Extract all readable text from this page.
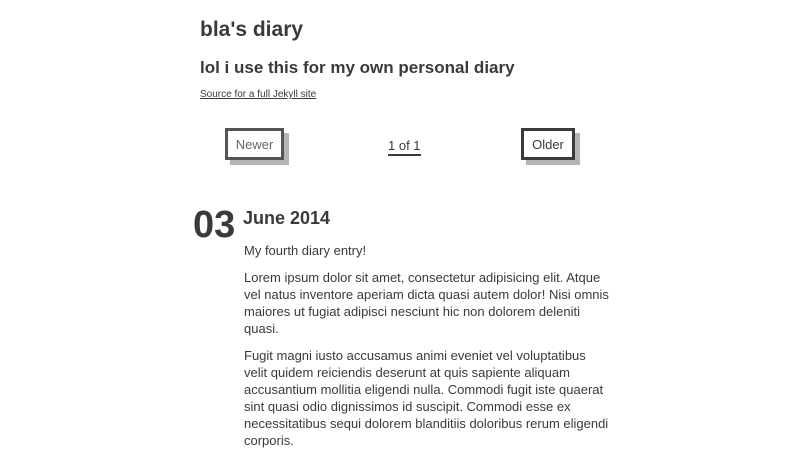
bla's diary
lol i use this for my own personal diary
Source for a full Jekyll site
Newer	1 of 1	Older
03 June 2014

My fourth diary entry!

Lorem ipsum dolor sit amet, consectetur adipisicing elit. Atque vel natus inventore aperiam dicta quasi autem dolor! Nisi omnis maiores ut fugiat adipisci nesciunt hic non dolorem deleniti quasi.

Fugit magni iusto accusamus animi eveniet vel voluptatibus velit quidem reiciendis deserunt at quis sapiente aliquam accusantium mollitia eligendi nulla. Commodi fugit iste quaerat sint quasi odio dignissimos id suscipit. Commodi esse ex necessitatibus sequi dolorem blanditiis doloribus rerum eligendi corporis.
